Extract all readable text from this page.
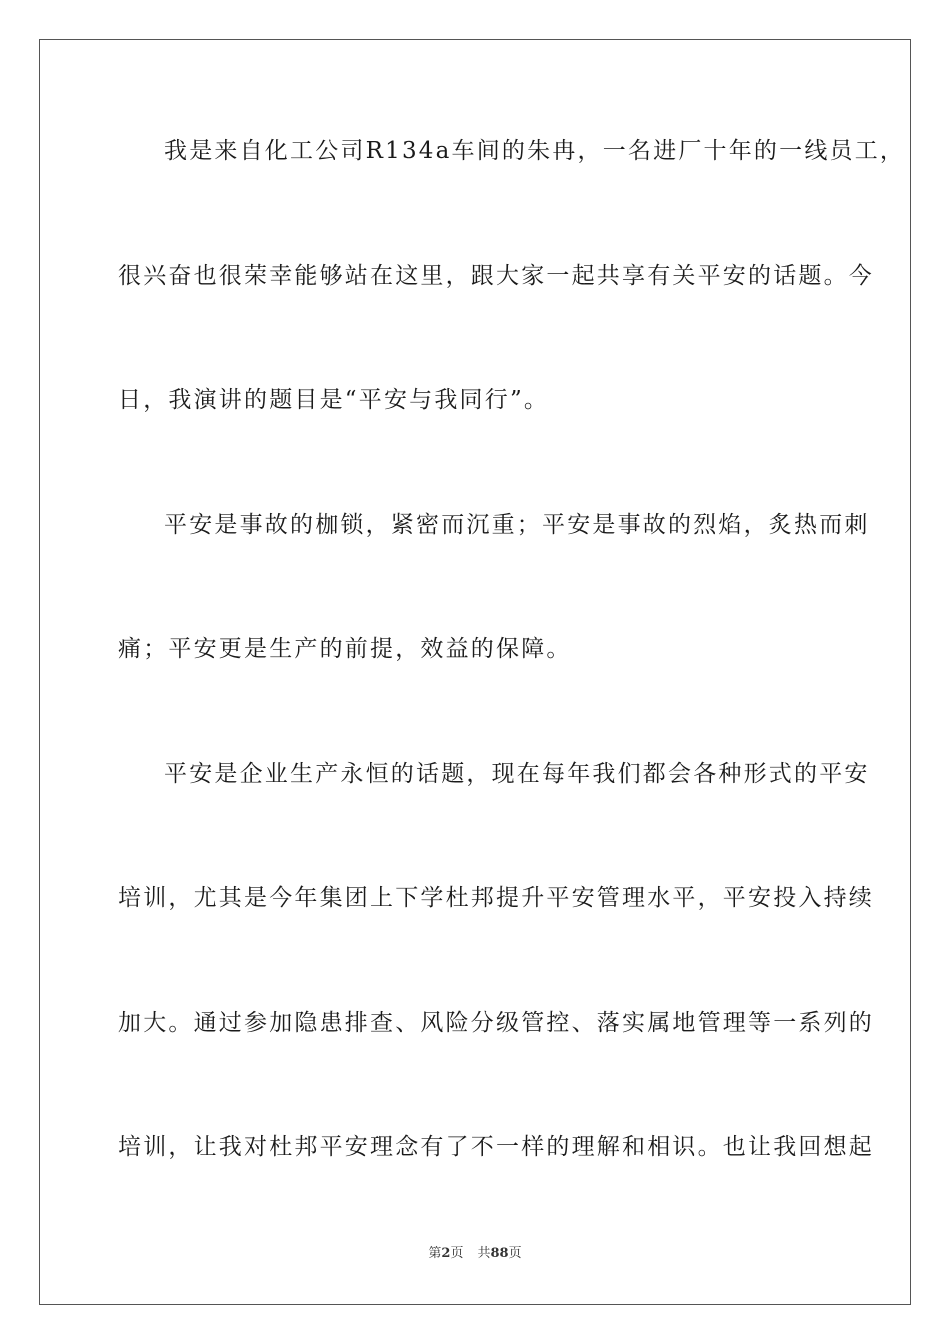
我是来自化工公司R134a车间的朱冉，一名进厂十年的一线员工，
很兴奋也很荣幸能够站在这里，跟大家一起共享有关平安的话题。今
日，我演讲的题目是“平安与我同行”。
平安是事故的枷锁，紧密而沉重；平安是事故的烈焰，炙热而刺
痛；平安更是生产的前提，效益的保障。
平安是企业生产永恒的话题，现在每年我们都会各种形式的平安
培训，尤其是今年集团上下学杜邦提升平安管理水平，平安投入持续
加大。通过参加隐患排查、风险分级管控、落实属地管理等一系列的
培训，让我对杜邦平安理念有了不一样的理解和相识。也让我回想起
第2页 共88页
